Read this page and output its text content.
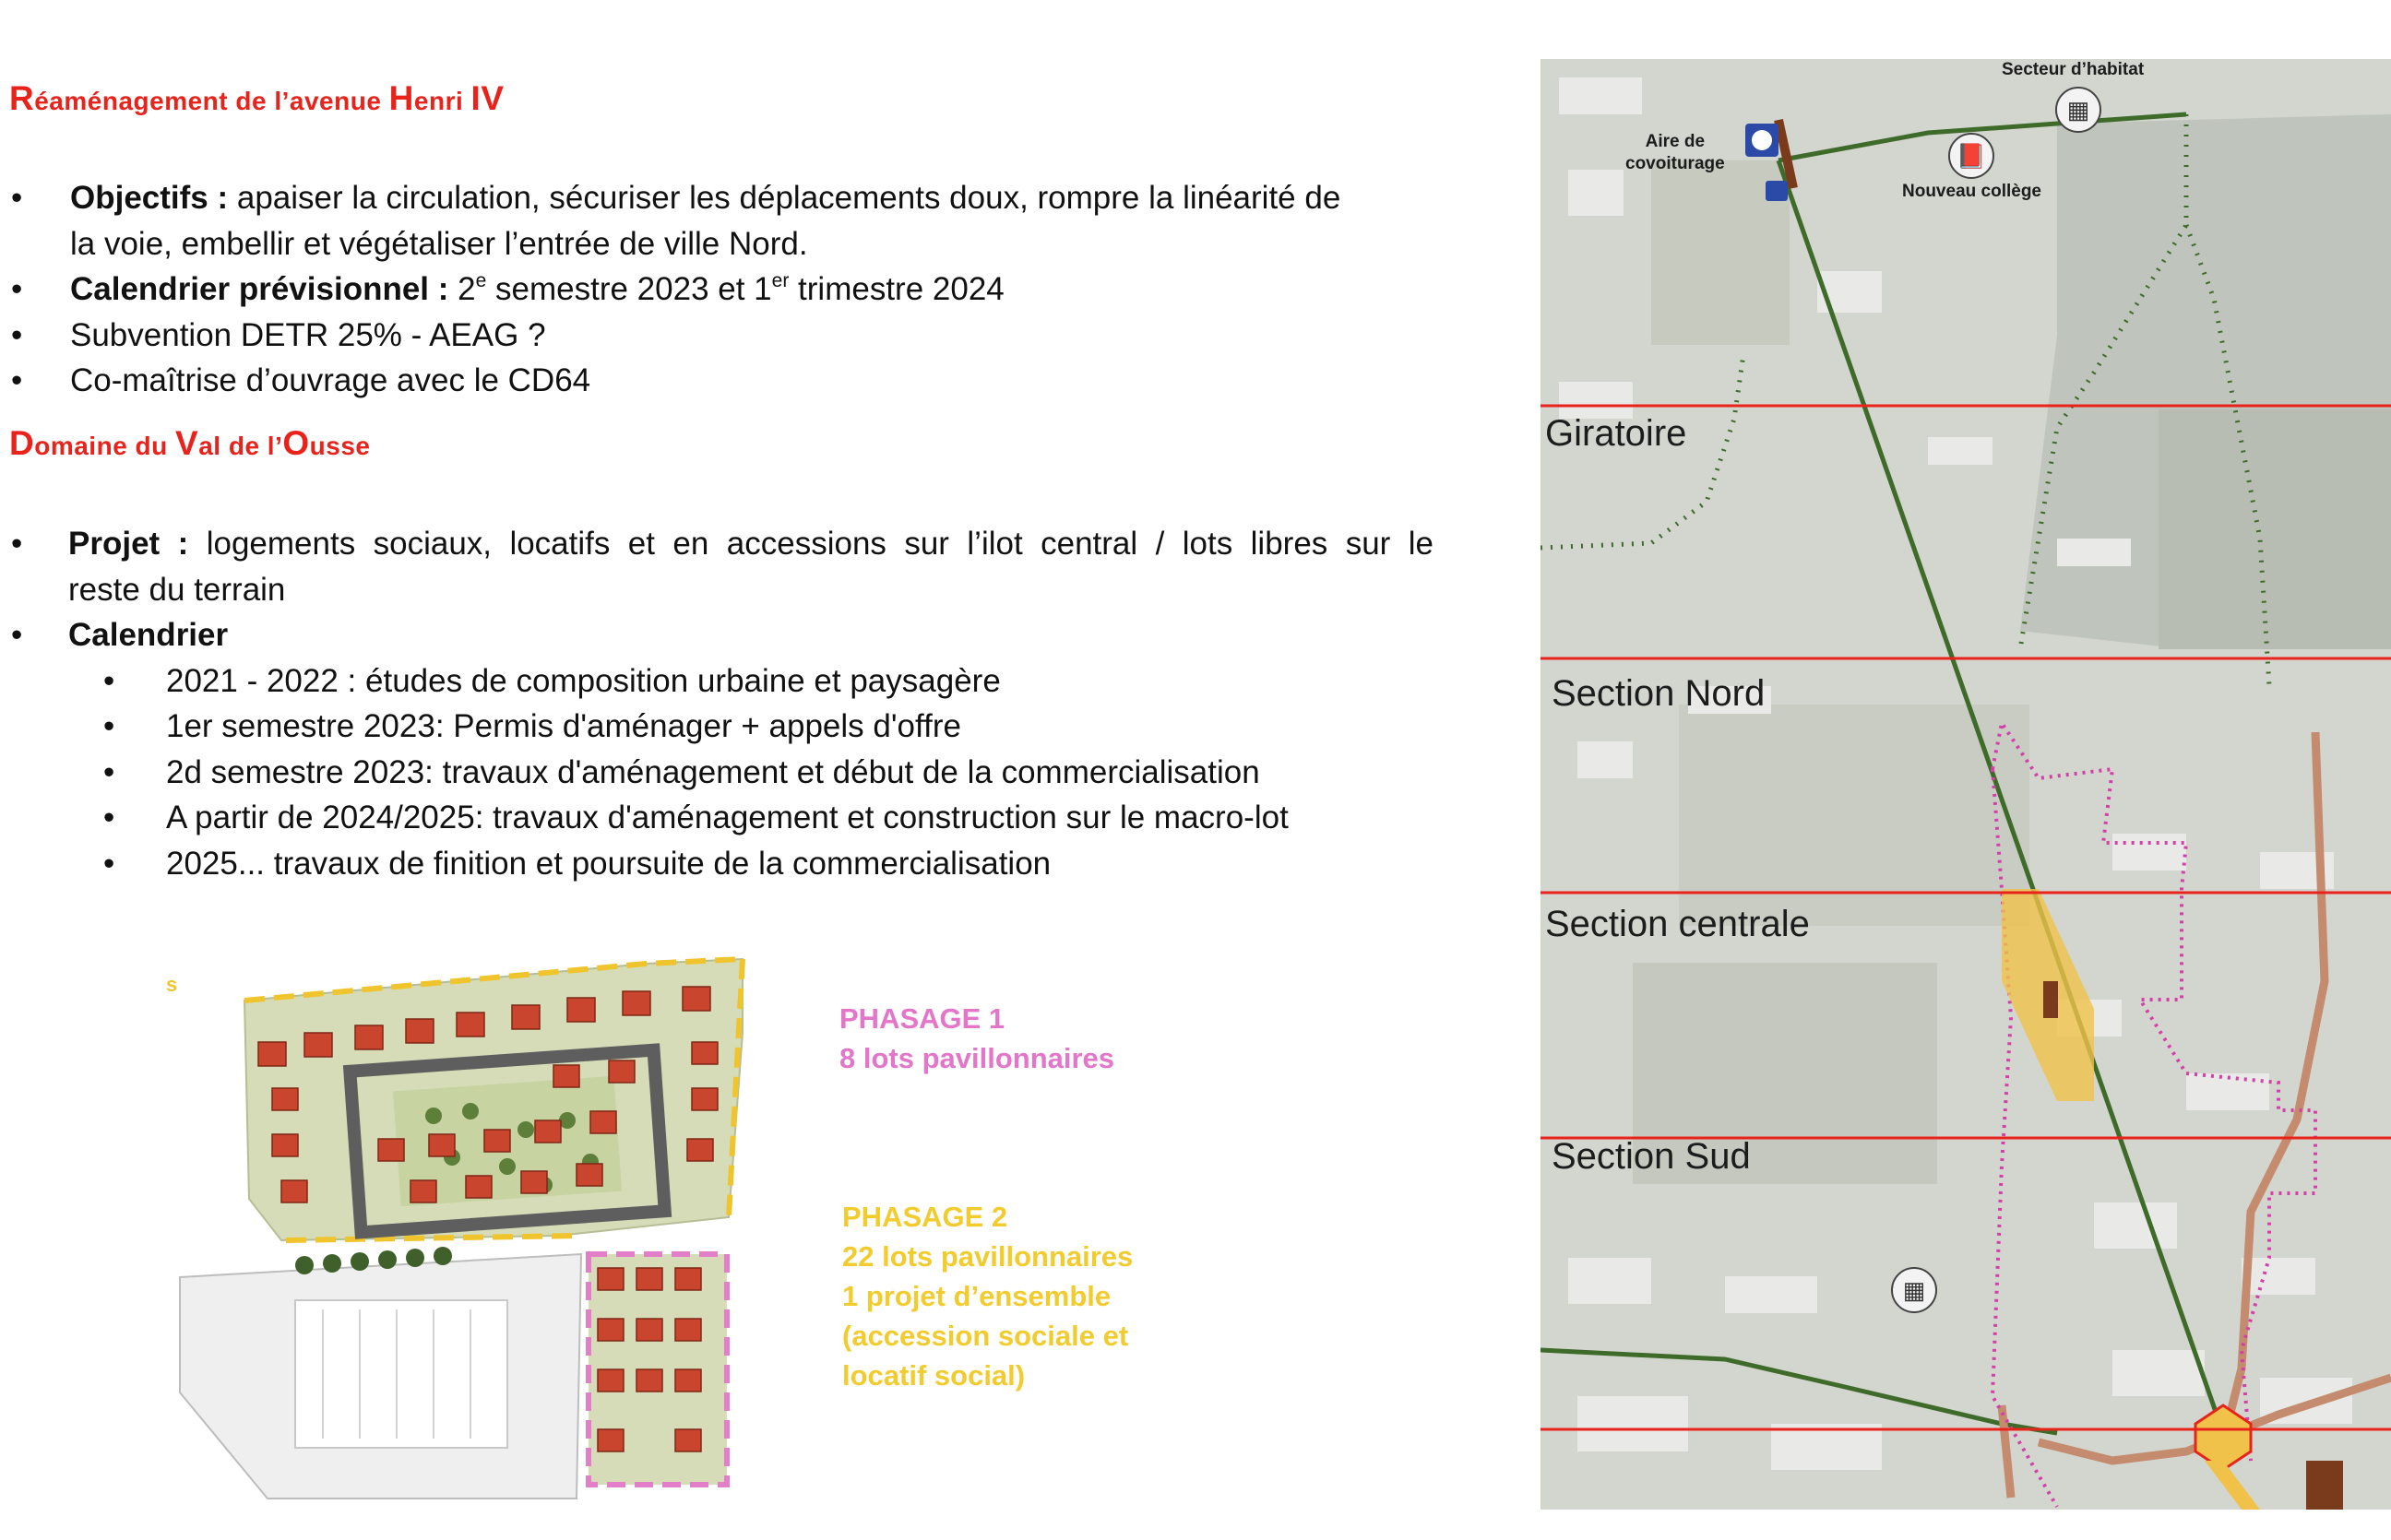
Réaménagement de l’avenue Henri IV
• Objectifs : apaiser la circulation, sécuriser les déplacements doux, rompre la linéarité de
la voie, embellir et végétaliser l’entrée de ville Nord.
• Calendrier prévisionnel : 2e semestre 2023 et 1er trimestre 2024
• Subvention DETR 25% - AEAG ?
• Co-maîtrise d’ouvrage avec le CD64
Domaine du Val de l’Ousse
• Projet : logements sociaux, locatifs et en accessions sur l’ilot central / lots libres sur le
reste du terrain
• Calendrier
• 2021 - 2022 : études de composition urbaine et paysagère
• 1er semestre 2023: Permis d'aménager + appels d'offre
• 2d semestre 2023: travaux d'aménagement et début de la commercialisation
• A partir de 2024/2025: travaux d'aménagement et construction sur le macro-lot
• 2025... travaux de finition et poursuite de la commercialisation
s
PHASAGE 1
8 lots pavillonnaires
PHASAGE 2
22 lots pavillonnaires
1 projet d’ensemble
(accession sociale et
locatif social)
Giratoire
Section Nord
Section centrale
Section Sud
Aire de
covoiturage
Nouveau collège
Secteur d’habitat
📕
▦
▦
